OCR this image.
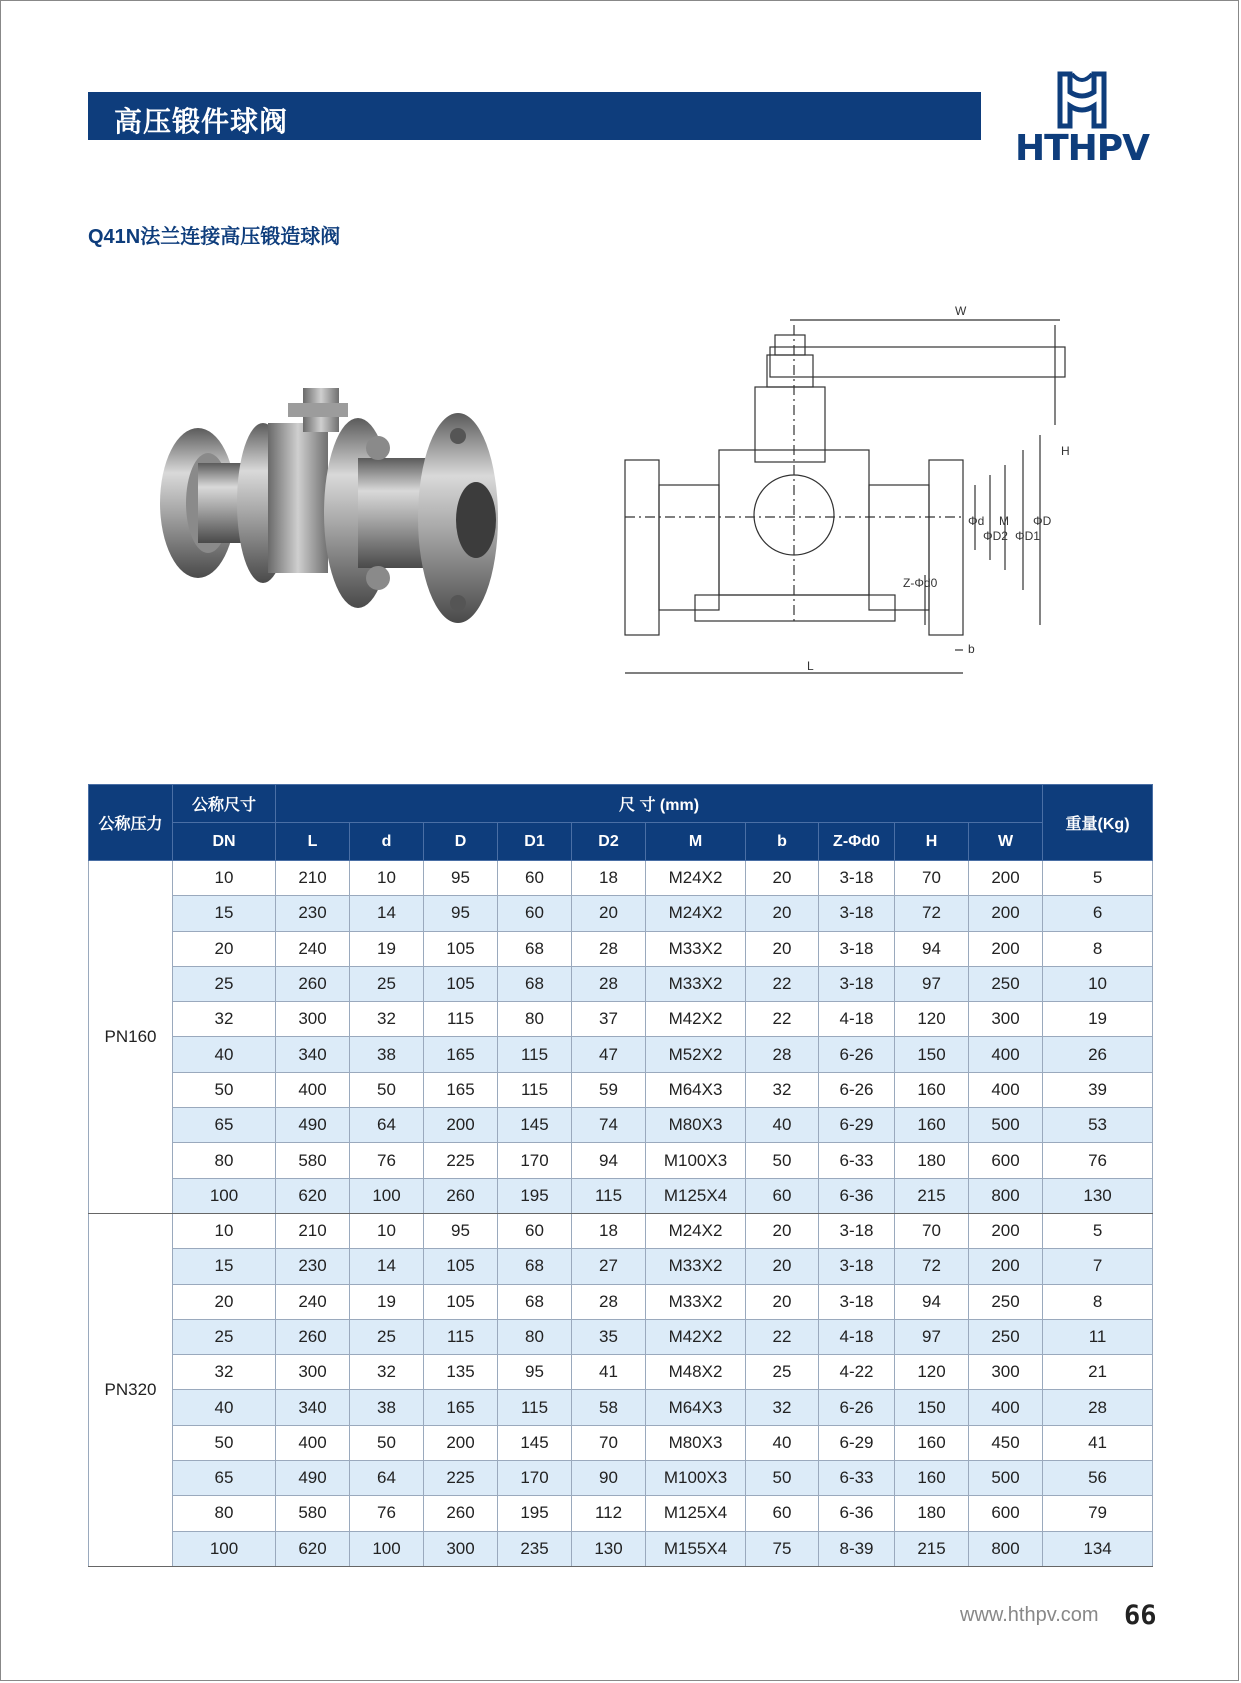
高压锻件球阀
HTHPV
Q41N法兰连接高压锻造球阀
W
H
L
b
Φd
ΦD2
M
ΦD1
ΦD
Z-Φd0
公称压力	公称尺寸	尺 寸 (mm)										重量(Kg)
	DN	L	d	D	D1	D2	M	b	Z-Φd0	H	W	
PN160	10	210	10	95	60	18	M24X2	20	3-18	70	200	5
	15	230	14	95	60	20	M24X2	20	3-18	72	200	6
	20	240	19	105	68	28	M33X2	20	3-18	94	200	8
	25	260	25	105	68	28	M33X2	22	3-18	97	250	10
	32	300	32	115	80	37	M42X2	22	4-18	120	300	19
	40	340	38	165	115	47	M52X2	28	6-26	150	400	26
	50	400	50	165	115	59	M64X3	32	6-26	160	400	39
	65	490	64	200	145	74	M80X3	40	6-29	160	500	53
	80	580	76	225	170	94	M100X3	50	6-33	180	600	76
	100	620	100	260	195	115	M125X4	60	6-36	215	800	130
PN320	10	210	10	95	60	18	M24X2	20	3-18	70	200	5
	15	230	14	105	68	27	M33X2	20	3-18	72	200	7
	20	240	19	105	68	28	M33X2	20	3-18	94	250	8
	25	260	25	115	80	35	M42X2	22	4-18	97	250	11
	32	300	32	135	95	41	M48X2	25	4-22	120	300	21
	40	340	38	165	115	58	M64X3	32	6-26	150	400	28
	50	400	50	200	145	70	M80X3	40	6-29	160	450	41
	65	490	64	225	170	90	M100X3	50	6-33	160	500	56
	80	580	76	260	195	112	M125X4	60	6-36	180	600	79
	100	620	100	300	235	130	M155X4	75	8-39	215	800	134
www.hthpv.com 66
